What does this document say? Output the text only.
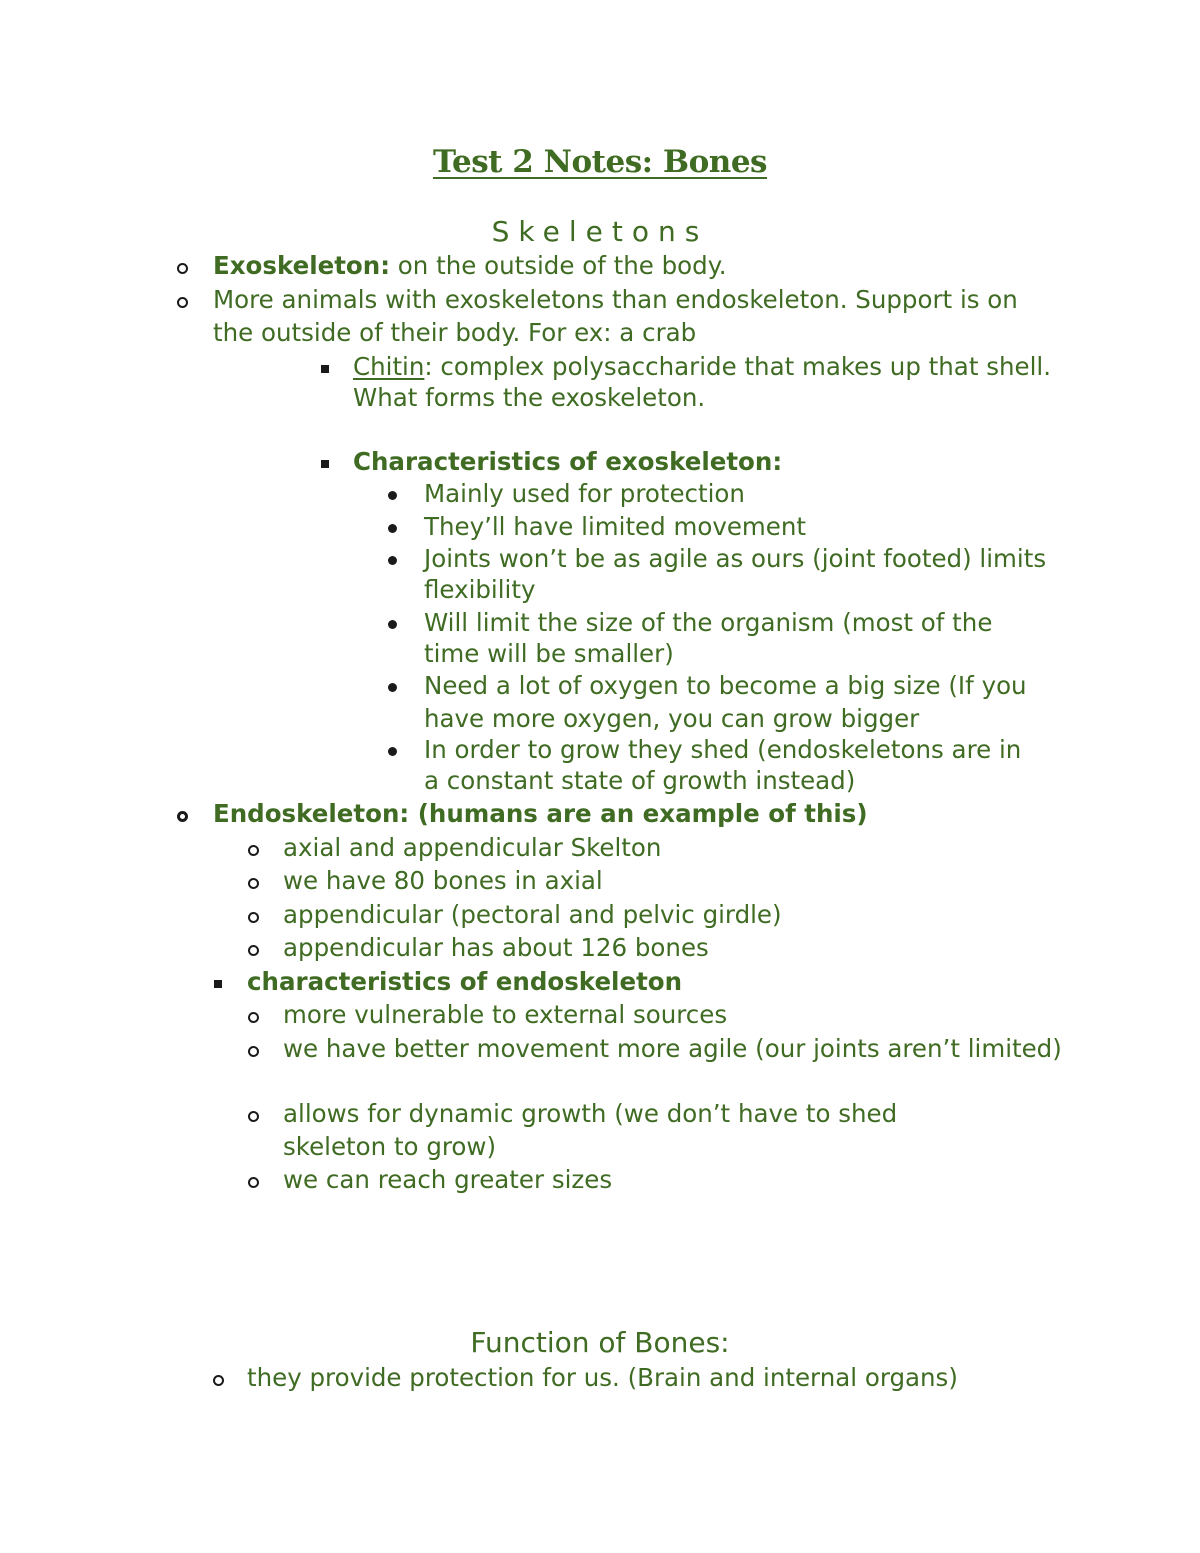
Test 2 Notes: Bones
Skeletons
Exoskeleton: on the outside of the body.
More animals with exoskeletons than endoskeleton. Support is on the outside of their body. For ex: a crab
Chitin: complex polysaccharide that makes up that shell. What forms the exoskeleton.
Characteristics of exoskeleton:
Mainly used for protection
They’ll have limited movement
Joints won’t be as agile as ours (joint footed) limits flexibility
Will limit the size of the organism (most of the time will be smaller)
Need a lot of oxygen to become a big size (If you have more oxygen, you can grow bigger
In order to grow they shed (endoskeletons are in a constant state of growth instead)
Endoskeleton: (humans are an example of this)
axial and appendicular Skelton
we have 80 bones in axial
appendicular (pectoral and pelvic girdle)
appendicular has about 126 bones
characteristics of endoskeleton
more vulnerable to external sources
we have better movement more agile (our joints aren’t limited)
allows for dynamic growth (we don’t have to shed skeleton to grow)
we can reach greater sizes
Function of Bones:
they provide protection for us. (Brain and internal organs)
